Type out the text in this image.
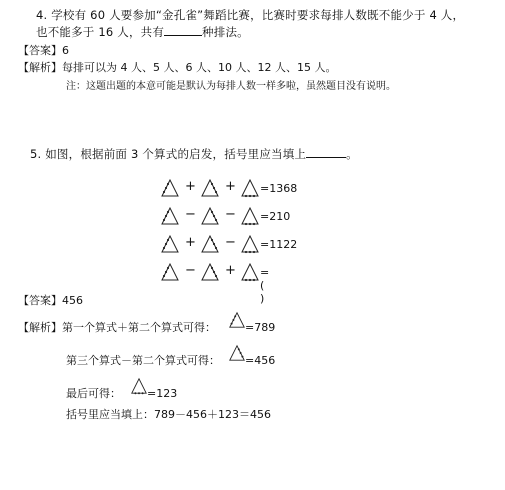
4. 学校有 60 人要参加“金孔雀”舞蹈比赛，比赛时要求每排人数既不能少于 4 人，
也不能多于 16 人，共有	种排法。
【答案】6
【解析】每排可以为 4 人、5 人、6 人、10 人、12 人、15 人。
注：这题出题的本意可能是默认为每排人数一样多啦，虽然题目没有说明。
5. 如图，根据前面 3 个算式的启发，括号里应当填上	。
+ + =1368
− − =210
+ − =1122
− + =( )
【答案】456
【解析】第一个算式＋第二个算式可得：	=789
第三个算式－第二个算式可得： =456
最后可得： =123
括号里应当填上：789－456＋123＝456
